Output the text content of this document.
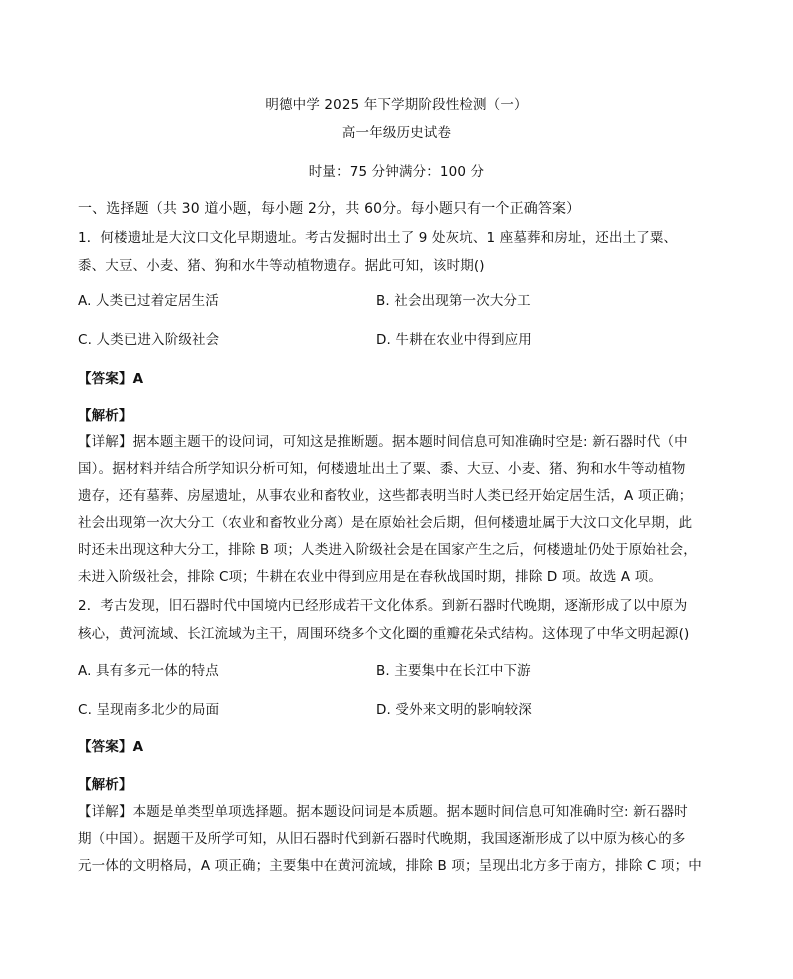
明德中学 2025 年下学期阶段性检测（一）
高一年级历史试卷
时量：75 分钟满分：100 分
一、选择题（共 30 道小题，每小题 2分，共 60分。每小题只有一个正确答案）
1．何楼遗址是大汶口文化早期遗址。考古发掘时出土了 9 处灰坑、1 座墓葬和房址，还出土了粟、
黍、大豆、小麦、猪、狗和水牛等动植物遗存。据此可知，该时期()
A. 人类已过着定居生活	B. 社会出现第一次大分工
C. 人类已进入阶级社会	D. 牛耕在农业中得到应用
【答案】A
【解析】
【详解】据本题主题干的设问词，可知这是推断题。据本题时间信息可知准确时空是: 新石器时代（中
国）。据材料并结合所学知识分析可知，何楼遗址出土了粟、黍、大豆、小麦、猪、狗和水牛等动植物
遗存，还有墓葬、房屋遗址，从事农业和畜牧业，这些都表明当时人类已经开始定居生活，A 项正确；
社会出现第一次大分工（农业和畜牧业分离）是在原始社会后期，但何楼遗址属于大汶口文化早期，此
时还未出现这种大分工，排除 B 项；人类进入阶级社会是在国家产生之后，何楼遗址仍处于原始社会，
未进入阶级社会，排除 C项；牛耕在农业中得到应用是在春秋战国时期，排除 D 项。故选 A 项。
2．考古发现，旧石器时代中国境内已经形成若干文化体系。到新石器时代晚期，逐渐形成了以中原为
核心，黄河流域、长江流域为主干，周围环绕多个文化圈的重瓣花朵式结构。这体现了中华文明起源()
A. 具有多元一体的特点	B. 主要集中在长江中下游
C. 呈现南多北少的局面	D. 受外来文明的影响较深
【答案】A
【解析】
【详解】本题是单类型单项选择题。据本题设问词是本质题。据本题时间信息可知准确时空: 新石器时
期（中国）。据题干及所学可知，从旧石器时代到新石器时代晚期，我国逐渐形成了以中原为核心的多
元一体的文明格局，A 项正确；主要集中在黄河流域，排除 B 项；呈现出北方多于南方，排除 C 项；中
